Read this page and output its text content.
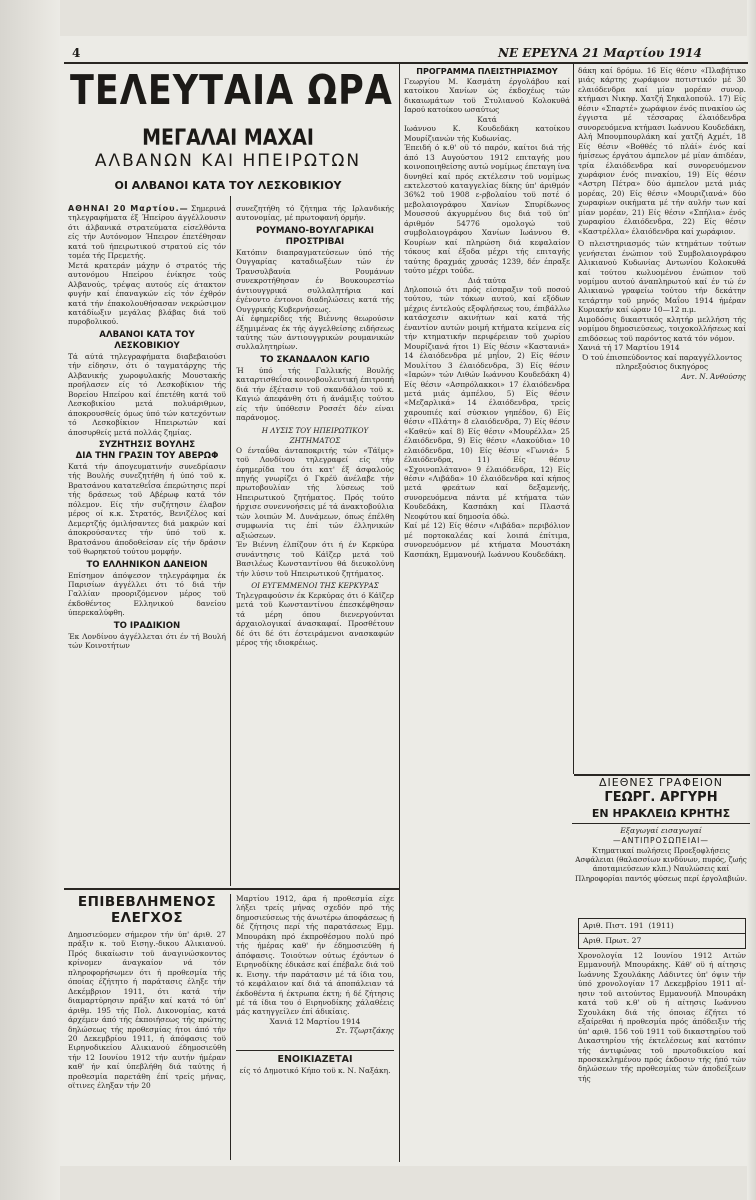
4	ΝΕ ΕΡΕΥΝΑ 21 Μαρτίου 1914
ΤΕΛΕΥΤΑΙΑ ΩΡΑ
ΜΕΓΑΛΑΙ ΜΑΧΑΙ
ΑΛΒΑΝΩΝ ΚΑΙ ΗΠΕΙΡΩΤΩΝ
ΟΙ ΑΛΒΑΝΟΙ ΚΑΤΑ ΤΟΥ ΛΕΣΚΟΒΙΚΙΟΥ

ΑΘΗΝΑΙ 20 Μαρτίου.— Σημερινά τηλεγραφήματα έξ Ήπείρου άγγέλλουσιν ότι άλβανικά στρατεύματα είσελθόντα είς τήν Αυτόνομον Ήπειρον έπετέθησαν κατά τοϋ ήπειρωτικού στρατού είς τόν τομέα τής Πρεμετής.

Μετά κρατεράν μάχην ό στρατός τής αυτονόμου Ηπείρου ένίκησε τούς Αλβανούς, τρέψας αυτούς είς άτακτον φυγήν καί έπαναγκών είς τόν έχθρόν κατά τήν έπακολουθήσασαν νεκρώσιμον κατάδίωξιν μεγάλας βλάβας διά τοϋ πυροβολικού.

ΑΛΒΑΝΟΙ ΚΑΤΑ ΤΟΥ ΛΕΣΚΟΒΙΚΙΟΥ

Τά αύτά τηλεγραφήματα διαβεβαιούσι τήν είδησιν, ότι ό ταγματάρχης τής Αλβανικής χωροφυλακής Μουστακής προήλασεν είς τό Λεσκοβίκιον τής Βορείου Ηπείρου καί έπετέθη κατά τοϋ Λεσκοβικίου μετά πολυάριθμων, άποκρουσθείς όμως ύπό τών κατεχόντων τό Λεσκοβίκιον Ηπειρωτών καί άποσυρθείς μετά πολλάς ζημίας.

ΣΥΖΗΤΗΣΙΣ ΒΟΥΛΗΣ

ΔΙΑ ΤΗΝ ΓΡΑΣΙΝ ΤΟΥ ΑΒΕΡΩΦ

Κατά τήν άπογευματινήν συνεδρίασιν τής Βουλής συνεζητήθη ή ύπό τοϋ κ. Βρατσάνου κατατεθεΐσα έπερώτησις περί τής δράσεως τοϋ Αβέρωφ κατά τόν πόλεμον. Είς τήν συζήτησιν έλαβον μέρος οί κ.κ. Στρατός, Βενιζέλος καί Δεμερτζής όμιλήσαντες διά μακρών καί άποκρούσαντες τήν ύπό τοϋ κ. Βρατσάνου άποδοθείσαν είς τήν δράσιν τοϋ θωρηκτού τούτου μομφήν.

ΤΟ ΕΛΛΗΝΙΚΟΝ ΔΑΝΕΙΟΝ

Επίσημον άπόψεσον τηλεγράφημα έκ Παρισίων άγγέλλει ότι τό διά τήν Γαλλίαν προοριζόμενον μέρος τοϋ έκδοθέντος Ελληνικού δανείου ύπερεκαλύφθη.

ΤΟ ΙΡΑΔΙΚΙΟΝ

Έκ Λονδίνου άγγέλλεται ότι έν τή Βουλή τών Κοινοτήτων

συνεζητήθη τό ζήτημα τής Ιρλανδικής αυτονομίας, μέ πρωτοφανή όρμήν.

ΡΟΥΜΑΝΟ-ΒΟΥΛΓΑΡΙΚΑΙ ΠΡΟΣΤΡΙΒΑΙ

Κατόπιν διαπραγματεύσεων ύπό τής Ουγγαρίας καταδιωξέων τών έν Τρανσυλβανία Ρουμάνων συνεκροτήθησαν έν Βουκουρεστίω άντιουγγρικά συλλαλητήρια καί έγένοντο έντονοι διαδηλώσεις κατά τής Ουγγρικής Κυβερνήσεως.

Αί έφημερίδες τής Βιέννης θεωρούσιν έξημιμένας έκ τής άγγελθείσης ειδήσεως ταύτης τών άντιουγγρικών ρουμανικών συλλαλητηρίων.

ΤΟ ΣΚΑΝΔΑΛΟΝ ΚΑΓΙΟ

Ή ύπό τής Γαλλικής Βουλής καταρτισθεΐσα κοινοβουλευτική έπιτροπή διά τήν έξέτασιν τοϋ σκανδάλου τοϋ κ. Καγιώ άπεφάνθη ότι ή άνάμιξις τούτου είς τήν ύπόθεσιν Ροσσέτ δέν είναι παράνομος.

Η ΛΥΣΙΣ ΤΟΥ ΗΠΕΙΡΩΤΙΚΟΥ ΖΗΤΗΜΑΤΟΣ

Ο ένταΰθα άνταποκριτής τών «Τάϊμς» τοϋ Λονδίνου τηλεγραφεί είς τήν έφημερίδα του ότι κατ' έξ άσφαλούς πηγής γνωρίζει ό Γκρέϋ άνέλαβε τήν πρωτοβουλίαν τής λύσεως τοϋ Ηπειρωτικού ζητήματος. Πρός τούτο ήρχισε συνεννοήσεις μέ τά άνακτοβούλια τών λοιπών Μ. Δυνάμεων, όπως έπέλθη συμφωνία τις έπί τών έλληνικών αξιώσεων.

Έν Βιέννη έλπίζουν ότι ή έν Κερκύρα συνάντησις τοϋ Κάϊζερ μετά τοϋ Βασιλέως Κωνσταντίνου θά διευκολύνη τήν λύσιν τοϋ Ηπειρωτικού ζητήματος.

ΟΙ ΕΥΓΕΜΜΕΝΟΙ ΤΗΣ ΚΕΡΚΥΡΑΣ

Τηλεγραφούσιν έκ Κερκύρας ότι ό Κάϊζερ μετά τοϋ Κωνσταντίνου έπεσκέφθησαν τά μέρη όπου διενεργούνται άρχαιολογικαί άνασκαφαί. Προσθέτουν δέ ότι δέ ότι έστειράμενοι ανασκαφών μέρος τής ιδιοκρέιως.

ΕΠΙΒΕΒΛΗΜΕΝΟΣ ΕΛΕΓΧΟΣ

Δημοσιεύομεν σήμερον τήν ύπ' άριθ. 27 πράξιν κ. τοϋ Εισηγ.-δικου Αλικιανού. Πρός δικαίωσιν τοϋ άναγινώσκοντος κρίνομεν άναγκαίον νά τόν πληροφορήσωμεν ότι ή προθεσμία τής όποίας έζήτητο ή παράτασις έληξε τήν Δεκέμβριον 1911, ότι κατά τήν διαμαρτύρησιν πράξιν καί κατά τό ύπ' άριθμ. 195 τής Πολ. Δικονομίας, κατά άρχέμεν άπό τής έκποιήσεως τής πρώτης δηλώσεως τής προθεσμίας ήτοι άπό τήν 20 Δεκεμβρίου 1911, ή άπόφασις τοϋ Ειρηνοδικείου Αλικιανού έδημοσιεύθη τήν 12 Ιουνίου 1912 τήν αυτήν ήμέραν καθ' ήν καί ύπεβλήθη διά ταύτης ή προθεσμία παρετάθη έπί τρείς μήνας, οϊτινες έληξαν τήν 20

Μαρτίου 1912, άρα ή προθεσμία είχε λήξει τρείς μήνας σχεδόν πρό τής δημοσιεύσεως τής άνωτέρω άποφάσεως ή δέ ζήτησις περί τής παρατάσεως Εμμ. Μπουράκη πρό έκπροθέσμου πολύ πρό τής ήμέρας καθ' ήν έδημοσιεύθη ή άπόφασις. Τοιούτων ούτως έχόντων ό Ειρηνοδίκης έδικάσε καί έπέβαλε διά τοϋ κ. Εισηγ. τήν παράτασιν μέ τά ίδια του, τό κεφάλαιον καί διά τά άποπάλειαν τά έκδοθέντα ή έκτρωπα έκτη; ή δέ ζήτησις μέ τά ίδια του ό Ειρηνοδίκης χάλαθέεις μάς κατηγγείλεν έπί άδικίαις.

Χανιά 12 Μαρτίου 1914

Στ. Τζωρτζάκης

ΕΝΟΙΚΙΑΖΕΤΑΙ

είς τό Δημοτικό Κήπο τοϋ κ. Ν. Ναξάκη.

ΠΡΟΓΡΑΜΜΑ ΠΛΕΙΣΤΗΡΙΑΣΜΟΥ

Γεωργίου Μ. Κασμάτη έργολάβου καί κατοίκου Χανίων ώς έκδοχέως τών δικαιωμάτων τοϋ Στυλιανού Κολοκυθά Ιαρού κατοίκου ωσαύτως

Κατά

Ιωάννου Κ. Κουδεδάκη κατοίκου Μουρίζιανών τής Κυδωνίας.

Έπειδή ό κ.θ' οϋ τό παρόν, καίτοι διά τής άπό 13 Αυγούστου 1912 επιταγής μου κοινοποιηθείσης αυτώ νομίμως έπεταγη ίνα δυνηθεί καί πρός εκτέλεσιν τοϋ νομίμως εκτελεστού καταγγελίας δίκης ύπ' άριθμόν 36%2 τοϋ 1908 ε-ρβολαίου τοϋ ποτέ ό μεβολαιογράφου Χανίων Σπυρίδωνος Μουσσού άκγυρμένου δις διά τοϋ ύπ' άριθμόν 54776 ομολογώ τοϋ συμβολαιογράφου Χανίων Ιωάννου Θ. Κουρίων καί πληρώση διά κεφαλαίον τόκους καί έξοδα μέχρι τής επιταγής ταύτης δραχμάς χρυσάς 1239, δέν έπραξε τούτο μέχρι τούδε.

Διά ταύτα

Δηλοποιώ ότι πρός είσπραξιν τοϋ ποσού τούτου, τών τόκων αυτού, καί εξόδων μέχρις έντελούς εξοφλήσεως του, έπιβάλλω κατάσχεσιν ακινήτων καί κατά τής έναντίον αυτών μοιμή κτήματα κείμενα είς τήν κτηματικήν περιφέρειαν τοϋ χωρίου Μουρίζιανά ήτοι 1) Είς θέσιν «Καστανιά» 14 έλαιόδενδρα μέ μηΐον, 2) Είς θέσιν Μουλίτου 3 έλαιόδενδρα, 3) Είς θέσιν «Ιαρών» τών Λιθών Ιωάννου Κουδεδάκη 4) Είς θέσιν «Ασπρόλακκοι» 17 έλαιόδενδρα μετά μιάς άμπέλου, 5) Είς θέσιν «Μεζαρλικά» 14 έλαιόδενδρα, τρείς χαρουπιές καί σύσκιον γηπέδον, 6) Είς θέσιν «Πλάτη» 8 ελαιόδενδρα, 7) Είς θέσιν «Καθεύ» καί 8) Είς θέσιν «Μουρέλλα» 25 έλαιόδενδρα, 9) Είς θέσιν «Λακούδια» 10 ελαιόδενδρα, 10) Είς θέσιν «Γωνιά» 5 έλαιόδενδρα, 11) Είς θέσιν «Σχοινοπλάτανο» 9 έλαιόδενδρα, 12) Είς θέσιν «Λιβάδα» 10 έλαιόδενδρα καί κήπος μετά φρεάτων καί δεξαμενής, συνορευόμενα πάντα μέ κτήματα τών Κουδεδάκη, Κασπάκη καί Πλαστά Νεοφύτου καί δημοσία όδώ.

Καί μέ 12) Είς θέσιν «Λιβάδα» περιβόλιον μέ πορτοκαλέας καί λοιπά έπίτιμα, συνορευόμενον μέ κτήματα Μουστάκη Κασπάκη, Εμμανουήλ Ιωάννου Κουδεδάκη.

δάκη καί δρόμω. 16 Είς θέσιν «Πλαβήτικο μιάς κάρτης χωράφιον ποτιστικόν μέ 30 ελαιόδενδρα καί μίαν μορέαν συνορ. κτήμασι Νικηφ. Χατζή Σηκαλοπούλ. 17) Είς θέσιν «Σπαρτέ» χωράφιον ένός πινακίου ώς έγγιστα μέ τέσσαρας έλαιόδενδρα συνορευόμενα κτήμασι Ιωάννου Κουδεδάκη, Αλή Μπουμπουρλάκη καί χατζή Αχμέτ, 18 Είς θέσιν «Βοθθές τό πλάί» ένός καί ήμίσεως έργάτου άμπελον μέ μίαν άπιδέαν, τρία έλαιόδενδρα καί συνορευόμενον χωράφιον ένός πινακίου, 19) Είς θέσιν «Αστρη Πέτρα» δύο άμπελον μετά μιάς μορέας, 20) Είς θέσιν «Μουριζιανά» δύο χωραφίων οικήματα μέ τήν αυλήν των καί μίαν μορέαν, 21) Είς θέσιν «Σπήλια» ένός χωραφίου έλαιόδενδρα, 22) Είς θέσιν «Καστρέλλα» έλαιόδενδρα καί χωράφιον.

Ό πλειστηριασμός τών κτημάτων τούτων γενήσεται ένώπιον τοϋ Συμβολαιογράφου Αλικιανού Κυδωνίας Αντωνίου Κολοκυθά καί τούτου κωλυομένου ένώπιον τοϋ νομίμου αυτού άναπληρωτού καί έν τώ έν Αλικιανώ γραφείω τούτου τήν δεκάτην τετάρτην τοϋ μηνός Μαΐου 1914 ήμέραν Κυριακήν καί ώραν 10—12 π.μ.

Αιμοδόσις δικαστικός κλητήρ μελλήση τής νομίμου δημοσιεύσεως, τοιχοκολλήσεως καί επιδόσεως τοϋ παρόντος κατά τόν νόμον.

Χανιά τή 17 Μαρτίου 1914

Ό τού έπισπεύδοντος καί παραγγέλλοντος πληρεξούσιος δικηγόρος

Αντ. Ν. Άνθούσης

ΔΙΕΘΝΕΣ ΓΡΑΦΕΙΟΝ

ΓΕΩΡΓ. ΑΡΓΥΡΗ

ΕΝ ΗΡΑΚΛΕΙΩ ΚΡΗΤΗΣ

Εξαγωγαί εισαγωγαί

—ΑΝΤΙΠΡΟΣΩΠΕΙΑΙ—

Κτηματικαί πωλήσεις Προεξοφλήσεις Ασφάλειαι (θαλασσίων κινδύνων, πυρός, ζωής άποταμιεύσεων κλπ.) Ναυλώσεις καί Πληροφορίαι παντός φύσεως περί έργολαβιών.

Αριθ. Πιστ. 191 (1911)

Αριθ. Πρωτ. 27

Χρονολογία 12 Ιουνίου 1912 Αιτών Εμμανουήλ Μπουράκης. Κάθ' οϋ ή αίτησις Ιωάννης Σχουλάκης Λάδιντες ύπ' όψιν τήν ύπό χρονολογίαν 17 Δεκεμβρίου 1911 αΐ-ησιν τοϋ αιτούντος Εμμανουήλ Μπουράκη κατά τοϋ κ.θ' οϋ ή αίτησις Ιωάννου Σχουλάκη διά τής όποιας έζήτει τό εξαίρεθαι ή προθεσμία πρός άπόδειξιν τής ύπ' αριθ. 156 τοϋ 1911 τοϋ δικαστηρίου τοϋ Δικαστηρίου τής έκτελέσεως καί κατόπιν τής άντιφώνας τοϋ πρωτοδικείου καί προσκεκλημένου πρός έκδοσιν τής ήπό τών δηλώσεων τής προθεσμίας τών άποδείξεων τής
